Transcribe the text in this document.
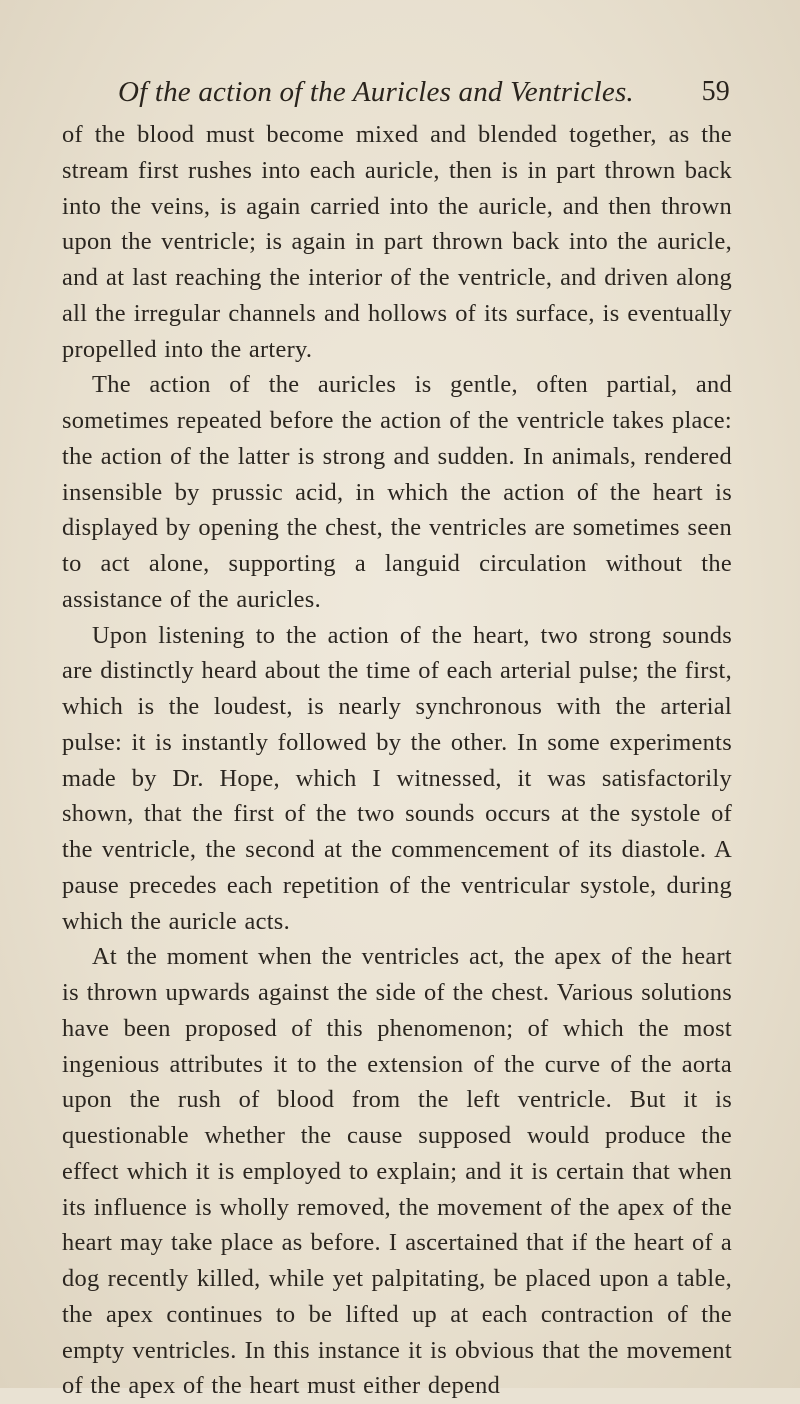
Of the action of the Auricles and Ventricles. 59

of the blood must become mixed and blended together, as the stream first rushes into each auricle, then is in part thrown back into the veins, is again carried into the auricle, and then thrown upon the ventricle; is again in part thrown back into the auricle, and at last reaching the interior of the ventricle, and driven along all the irregular channels and hollows of its surface, is eventually propelled into the artery.

The action of the auricles is gentle, often partial, and sometimes repeated before the action of the ventricle takes place: the action of the latter is strong and sudden. In animals, rendered insensible by prussic acid, in which the action of the heart is displayed by opening the chest, the ventricles are sometimes seen to act alone, supporting a languid circulation without the assistance of the auricles.

Upon listening to the action of the heart, two strong sounds are distinctly heard about the time of each arterial pulse; the first, which is the loudest, is nearly synchronous with the arterial pulse: it is instantly followed by the other. In some experiments made by Dr. Hope, which I witnessed, it was satisfactorily shown, that the first of the two sounds occurs at the systole of the ventricle, the second at the commencement of its diastole. A pause precedes each repetition of the ventricular systole, during which the auricle acts.

At the moment when the ventricles act, the apex of the heart is thrown upwards against the side of the chest. Various solutions have been proposed of this phenomenon; of which the most ingenious attributes it to the extension of the curve of the aorta upon the rush of blood from the left ventricle. But it is questionable whether the cause supposed would produce the effect which it is employed to explain; and it is certain that when its influence is wholly removed, the movement of the apex of the heart may take place as before. I ascertained that if the heart of a dog recently killed, while yet palpitating, be placed upon a table, the apex continues to be lifted up at each contraction of the empty ventricles. In this instance it is obvious that the movement of the apex of the heart must either depend
